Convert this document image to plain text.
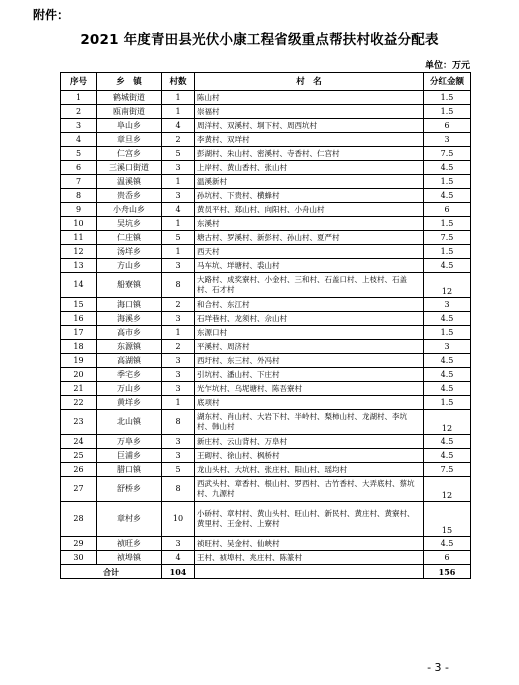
附件：
2021 年度青田县光伏小康工程省级重点帮扶村收益分配表
单位：万元
序号	乡　镇	村数	村　名	分红金额
1	鹤城街道	1	陈山村	1.5
2	瓯南街道	1	崇福村	1.5
3	阜山乡	4	周洋村、双溪村、垌下村、周西坑村	6
4	章旦乡	2	李黄村、双垟村	3
5	仁宫乡	5	彭湖村、朱山村、密溪村、寺香村、仁宫村	7.5
6	三溪口街道	3	上岸村、黄山香村、张山村	4.5
7	温溪镇	1	温溪新村	1.5
8	贵岙乡	3	孙坑村、下贵村、横蜂村	4.5
9	小舟山乡	4	黄员平村、郑山村、向阳村、小舟山村	6
10	吴坑乡	1	东溪村	1.5
11	仁庄镇	5	塘古村、罗溪村、新彭村、孙山村、夏严村	7.5
12	汤垟乡	1	西天村	1.5
13	方山乡	3	马车坑、垟塘村、裘山村	4.5
14	船寮镇	8	大路村、成奖寮村、小金村、三和村、石盖口村、上枝村、石盖村、石才村	12
15	海口镇	2	和合村、东江村	3
16	海溪乡	3	石垟巷村、龙须村、佘山村	4.5
17	高市乡	1	东源口村	1.5
18	东源镇	2	平溪村、周济村	3
19	高湖镇	3	西圩村、东三村、外冯村	4.5
20	季宅乡	3	引坑村、潘山村、下庄村	4.5
21	万山乡	3	光乍坑村、乌坭塘村、陈吾寮村	4.5
22	黄垟乡	1	底项村	1.5
23	北山镇	8	湖东村、肖山村、大岩下村、半岭村、梨柿山村、龙湖村、李坑村、韩山村	12
24	万阜乡	3	新庄村、云山背村、万阜村	4.5
25	巨浦乡	3	王砌村、徐山村、枫桥村	4.5
26	腊口镇	5	龙山头村、大坑村、张庄村、阳山村、瑶均村	7.5
27	舒桥乡	8	西武头村、章香村、根山村、罗西村、古竹香村、大弄底村、蔡坑村、九源村	12
28	章村乡	10	小硚村、章村村、黄山头村、旺山村、新民村、黄庄村、黄寮村、黄里村、王金村、上寮村	15
29	祯旺乡	3	祯旺村、吴金村、仙峡村	4.5
30	祯埠镇	4	王村、祯埠村、兆庄村、陈篆村	6
合计		104		156
- 3 -
